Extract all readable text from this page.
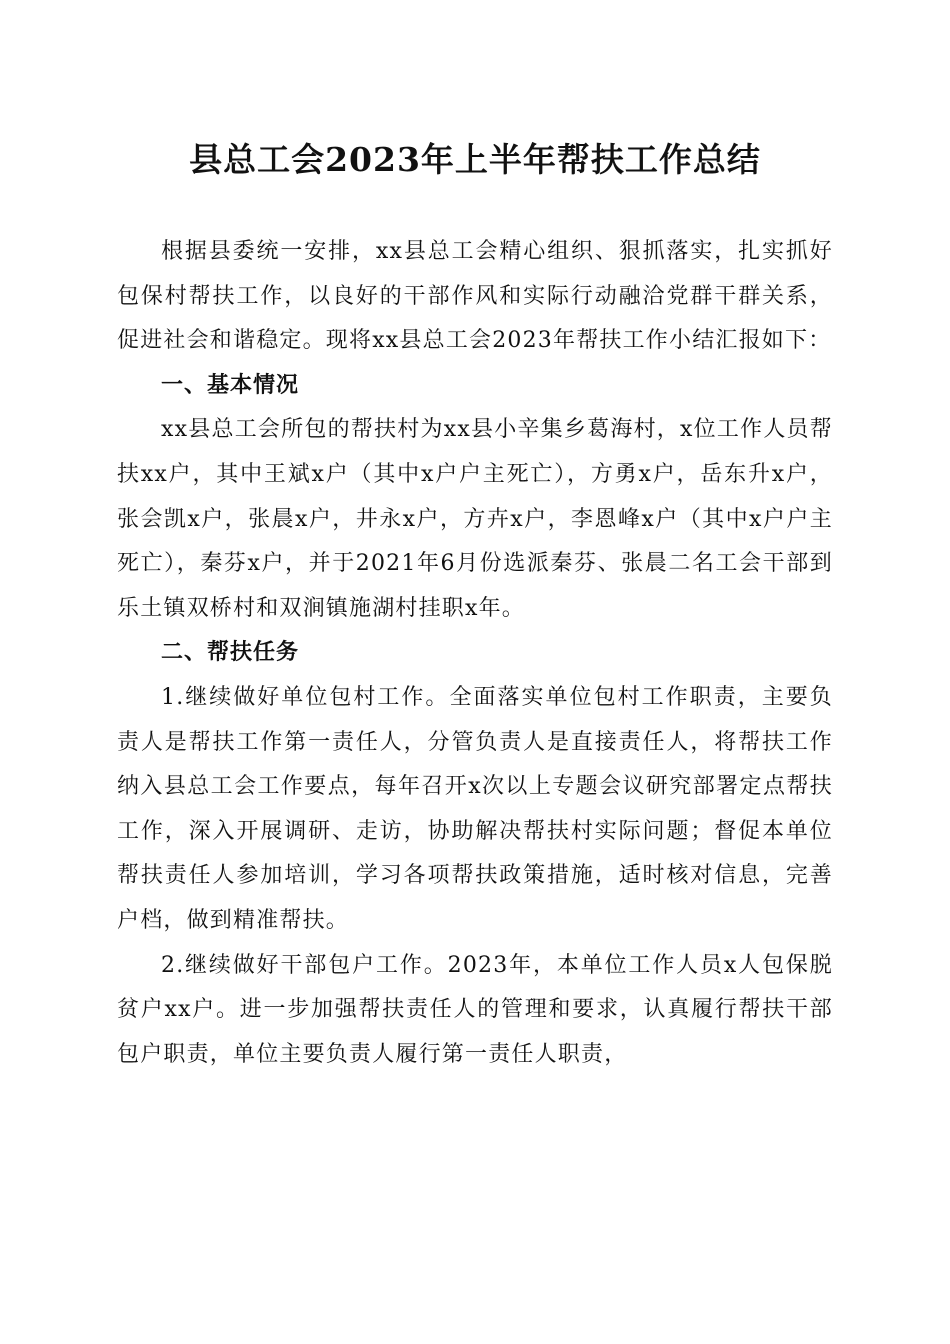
县总工会2023年上半年帮扶工作总结

根据县委统一安排，xx县总工会精心组织、狠抓落实，扎实抓好包保村帮扶工作，以良好的干部作风和实际行动融洽党群干群关系，促进社会和谐稳定。现将xx县总工会2023年帮扶工作小结汇报如下：

一、基本情况

xx县总工会所包的帮扶村为xx县小辛集乡葛海村，x位工作人员帮扶xx户，其中王斌x户（其中x户户主死亡），方勇x户，岳东升x户，张会凯x户，张晨x户，井永x户，方卉x户，李恩峰x户（其中x户户主死亡），秦芬x户，并于2021年6月份选派秦芬、张晨二名工会干部到乐土镇双桥村和双涧镇施湖村挂职x年。

二、帮扶任务

1.继续做好单位包村工作。全面落实单位包村工作职责，主要负责人是帮扶工作第一责任人，分管负责人是直接责任人，将帮扶工作纳入县总工会工作要点，每年召开x次以上专题会议研究部署定点帮扶工作，深入开展调研、走访，协助解决帮扶村实际问题；督促本单位帮扶责任人参加培训，学习各项帮扶政策措施，适时核对信息，完善户档，做到精准帮扶。

2.继续做好干部包户工作。2023年，本单位工作人员x人包保脱贫户xx户。进一步加强帮扶责任人的管理和要求，认真履行帮扶干部包户职责，单位主要负责人履行第一责任人职责，
